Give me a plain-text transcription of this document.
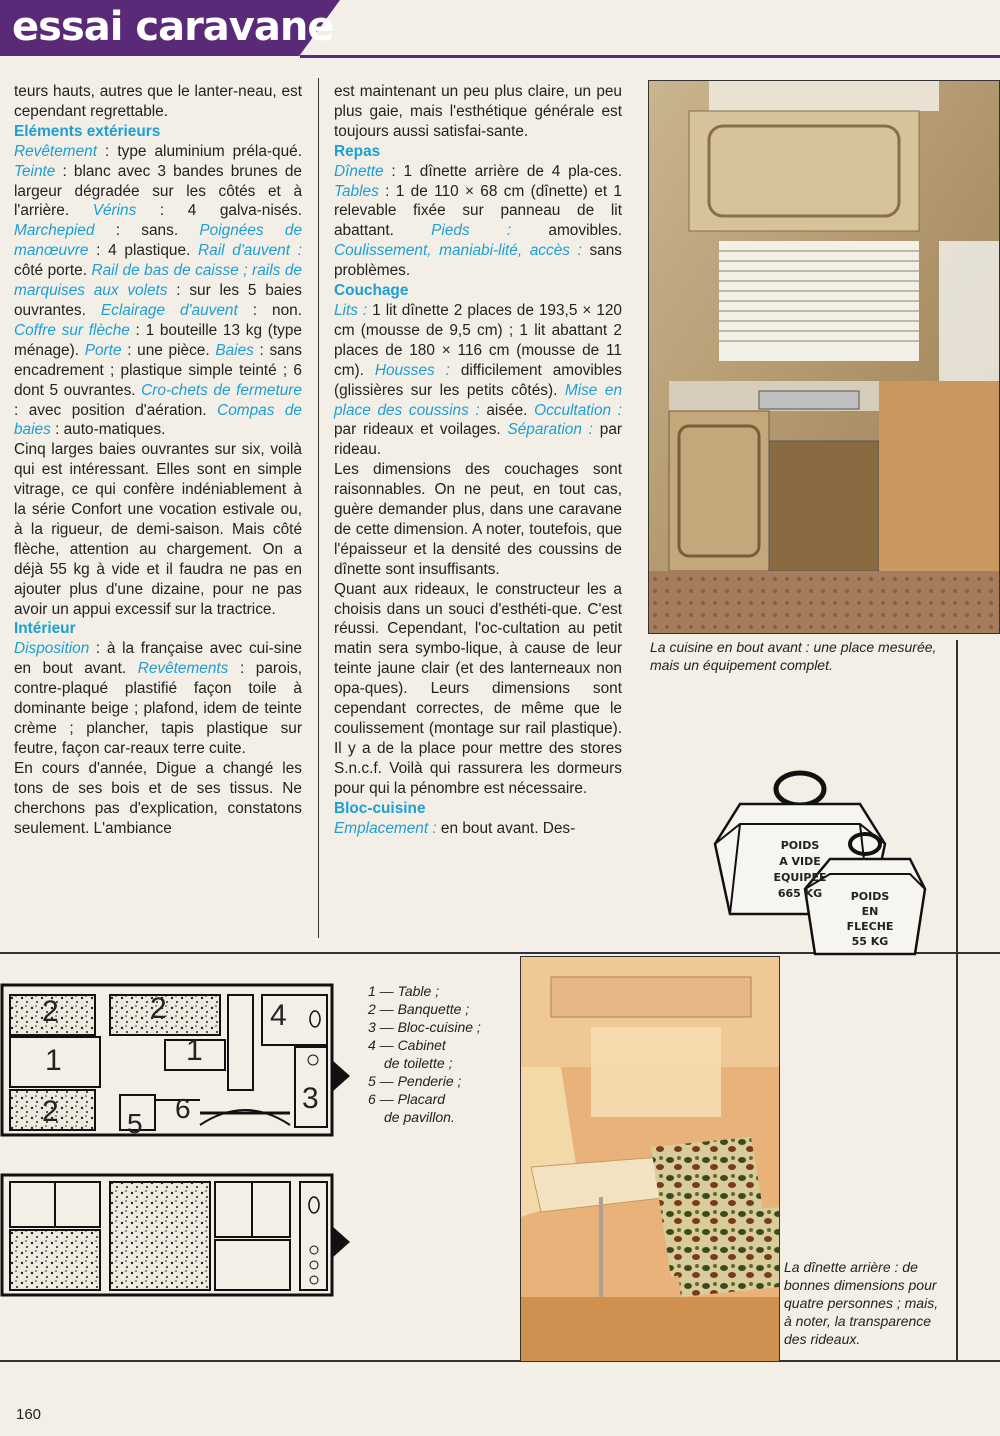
essai caravane

teurs hauts, autres que le lanter-neau, est cependant regrettable.

Eléments extérieurs

Revêtement : type aluminium préla-qué. Teinte : blanc avec 3 bandes brunes de largeur dégradée sur les côtés et à l'arrière. Vérins : 4 galva-nisés. Marchepied : sans. Poignées de manœuvre : 4 plastique. Rail d'auvent : côté porte. Rail de bas de caisse ; rails de marquises aux volets : sur les 5 baies ouvrantes. Eclairage d'auvent : non. Coffre sur flèche : 1 bouteille 13 kg (type ménage). Porte : une pièce. Baies : sans encadrement ; plastique simple teinté ; 6 dont 5 ouvrantes. Cro-chets de fermeture : avec position d'aération. Compas de baies : auto-matiques.

Cinq larges baies ouvrantes sur six, voilà qui est intéressant. Elles sont en simple vitrage, ce qui confère indéniablement à la série Confort une vocation estivale ou, à la rigueur, de demi-saison. Mais côté flèche, attention au chargement. On a déjà 55 kg à vide et il faudra ne pas en ajouter plus d'une dizaine, pour ne pas avoir un appui excessif sur la tractrice.

Intérieur

Disposition : à la française avec cui-sine en bout avant. Revêtements : parois, contre-plaqué plastifié façon toile à dominante beige ; plafond, idem de teinte crème ; plancher, tapis plastique sur feutre, façon car-reaux terre cuite.

En cours d'année, Digue a changé les tons de ses bois et de ses tissus. Ne cherchons pas d'explication, constatons seulement. L'ambiance

est maintenant un peu plus claire, un peu plus gaie, mais l'esthétique générale est toujours aussi satisfai-sante.

Repas

Dînette : 1 dînette arrière de 4 pla-ces. Tables : 1 de 110 × 68 cm (dînette) et 1 relevable fixée sur panneau de lit abattant. Pieds : amovibles. Coulissement, maniabi-lité, accès : sans problèmes.

Couchage

Lits : 1 lit dînette 2 places de 193,5 × 120 cm (mousse de 9,5 cm) ; 1 lit abattant 2 places de 180 × 116 cm (mousse de 11 cm). Housses : difficilement amovibles (glissières sur les petits côtés). Mise en place des coussins : aisée. Occultation : par rideaux et voilages. Séparation : par rideau.

Les dimensions des couchages sont raisonnables. On ne peut, en tout cas, guère demander plus, dans une caravane de cette dimension. A noter, toutefois, que l'épaisseur et la densité des coussins de dînette sont insuffisants.

Quant aux rideaux, le constructeur les a choisis dans un souci d'esthéti-que. C'est réussi. Cependant, l'oc-cultation au petit matin sera symbo-lique, à cause de leur teinte jaune clair (et des lanterneaux non opa-ques). Leurs dimensions sont cependant correctes, de même que le coulissement (montage sur rail plastique). Il y a de la place pour mettre des stores S.n.c.f. Voilà qui rassurera les dormeurs pour qui la pénombre est nécessaire.

Bloc-cuisine

Emplacement : en bout avant. Des-

La cuisine en bout avant : une place mesurée, mais un équipement complet.
POIDS
A VIDE
EQUIPEE
665 KG	POIDS
EN
FLECHE
55 KG
2	2
1	1
4
2	3
5 6
1 — Table ;
2 — Banquette ;
3 — Bloc-cuisine ;
4 — Cabinet
de toilette ;
5 — Penderie ;
6 — Placard
de pavillon.
La dînette arrière : de bonnes dimensions pour quatre personnes ; mais, à noter, la transparence des rideaux.
160
